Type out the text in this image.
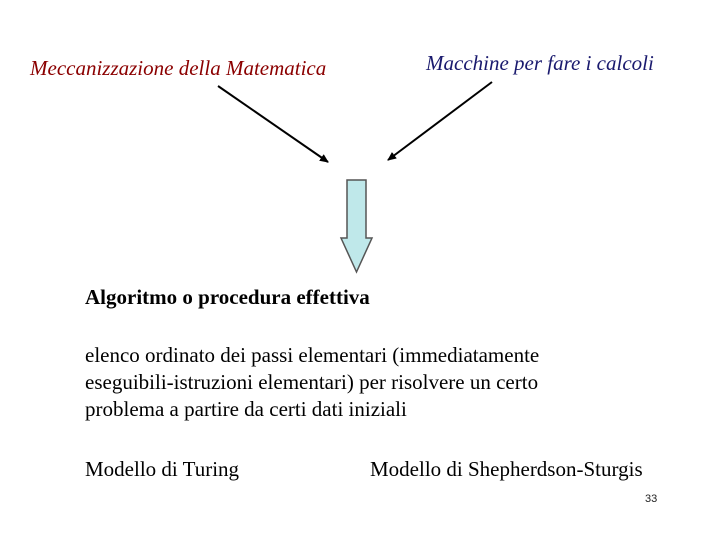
Meccanizzazione della Matematica	Macchine per fare i calcoli
Algoritmo o procedura effettiva
elenco ordinato dei passi elementari (immediatamente
eseguibili-istruzioni elementari) per risolvere un certo
problema a partire da certi dati iniziali
Modello di Turing	Modello di Shepherdson-Sturgis
33
